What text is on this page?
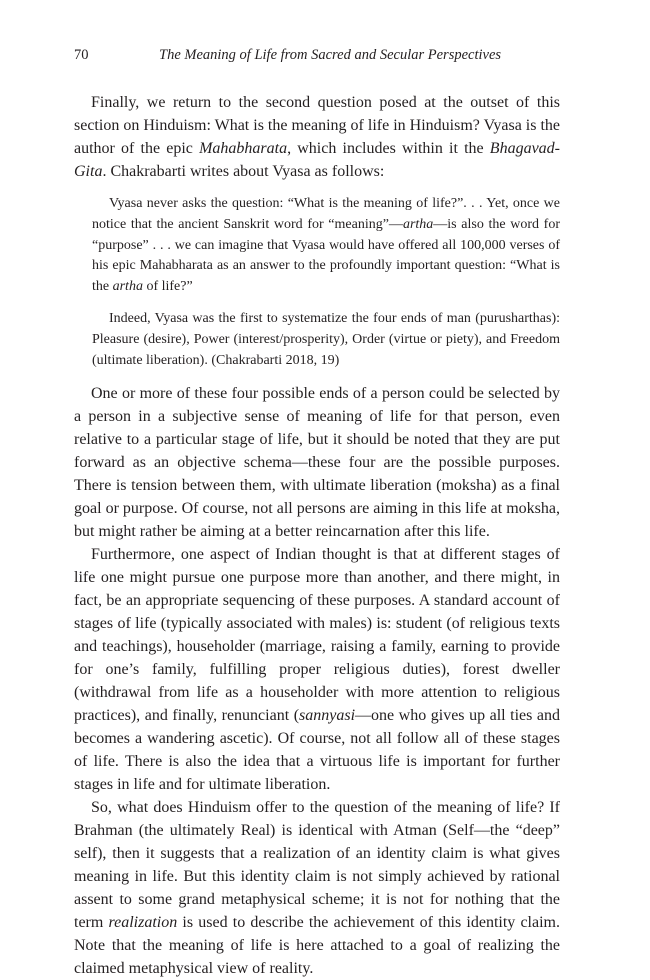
70	The Meaning of Life from Sacred and Secular Perspectives

Finally, we return to the second question posed at the outset of this section on Hinduism: What is the meaning of life in Hinduism? Vyasa is the author of the epic Mahabharata, which includes within it the Bhagavad-Gita. Chakrabarti writes about Vyasa as follows:

Vyasa never asks the question: “What is the meaning of life?”. . . Yet, once we notice that the ancient Sanskrit word for “meaning”—artha—is also the word for “purpose” . . . we can imagine that Vyasa would have offered all 100,000 verses of his epic Mahabharata as an answer to the profoundly important question: “What is the artha of life?”

Indeed, Vyasa was the first to systematize the four ends of man (purusharthas): Pleasure (desire), Power (interest/prosperity), Order (virtue or piety), and Freedom (ultimate liberation). (Chakrabarti 2018, 19)

One or more of these four possible ends of a person could be selected by a person in a subjective sense of meaning of life for that person, even relative to a particular stage of life, but it should be noted that they are put forward as an objective schema—these four are the possible purposes. There is tension between them, with ultimate liberation (moksha) as a final goal or purpose. Of course, not all persons are aiming in this life at moksha, but might rather be aiming at a better reincarnation after this life.

Furthermore, one aspect of Indian thought is that at different stages of life one might pursue one purpose more than another, and there might, in fact, be an appropriate sequencing of these purposes. A standard account of stages of life (typically associated with males) is: student (of religious texts and teachings), householder (marriage, raising a family, earning to provide for one’s family, fulfilling proper religious duties), forest dweller (withdrawal from life as a householder with more attention to religious practices), and finally, renunciant (sannyasi—one who gives up all ties and becomes a wandering ascetic). Of course, not all follow all of these stages of life. There is also the idea that a virtuous life is important for further stages in life and for ultimate liberation.

So, what does Hinduism offer to the question of the meaning of life? If Brahman (the ultimately Real) is identical with Atman (Self—the “deep” self), then it suggests that a realization of an identity claim is what gives meaning in life. But this identity claim is not simply achieved by rational assent to some grand metaphysical scheme; it is not for nothing that the term realization is used to describe the achievement of this identity claim. Note that the meaning of life is here attached to a goal of realizing the claimed metaphysical view of reality.
